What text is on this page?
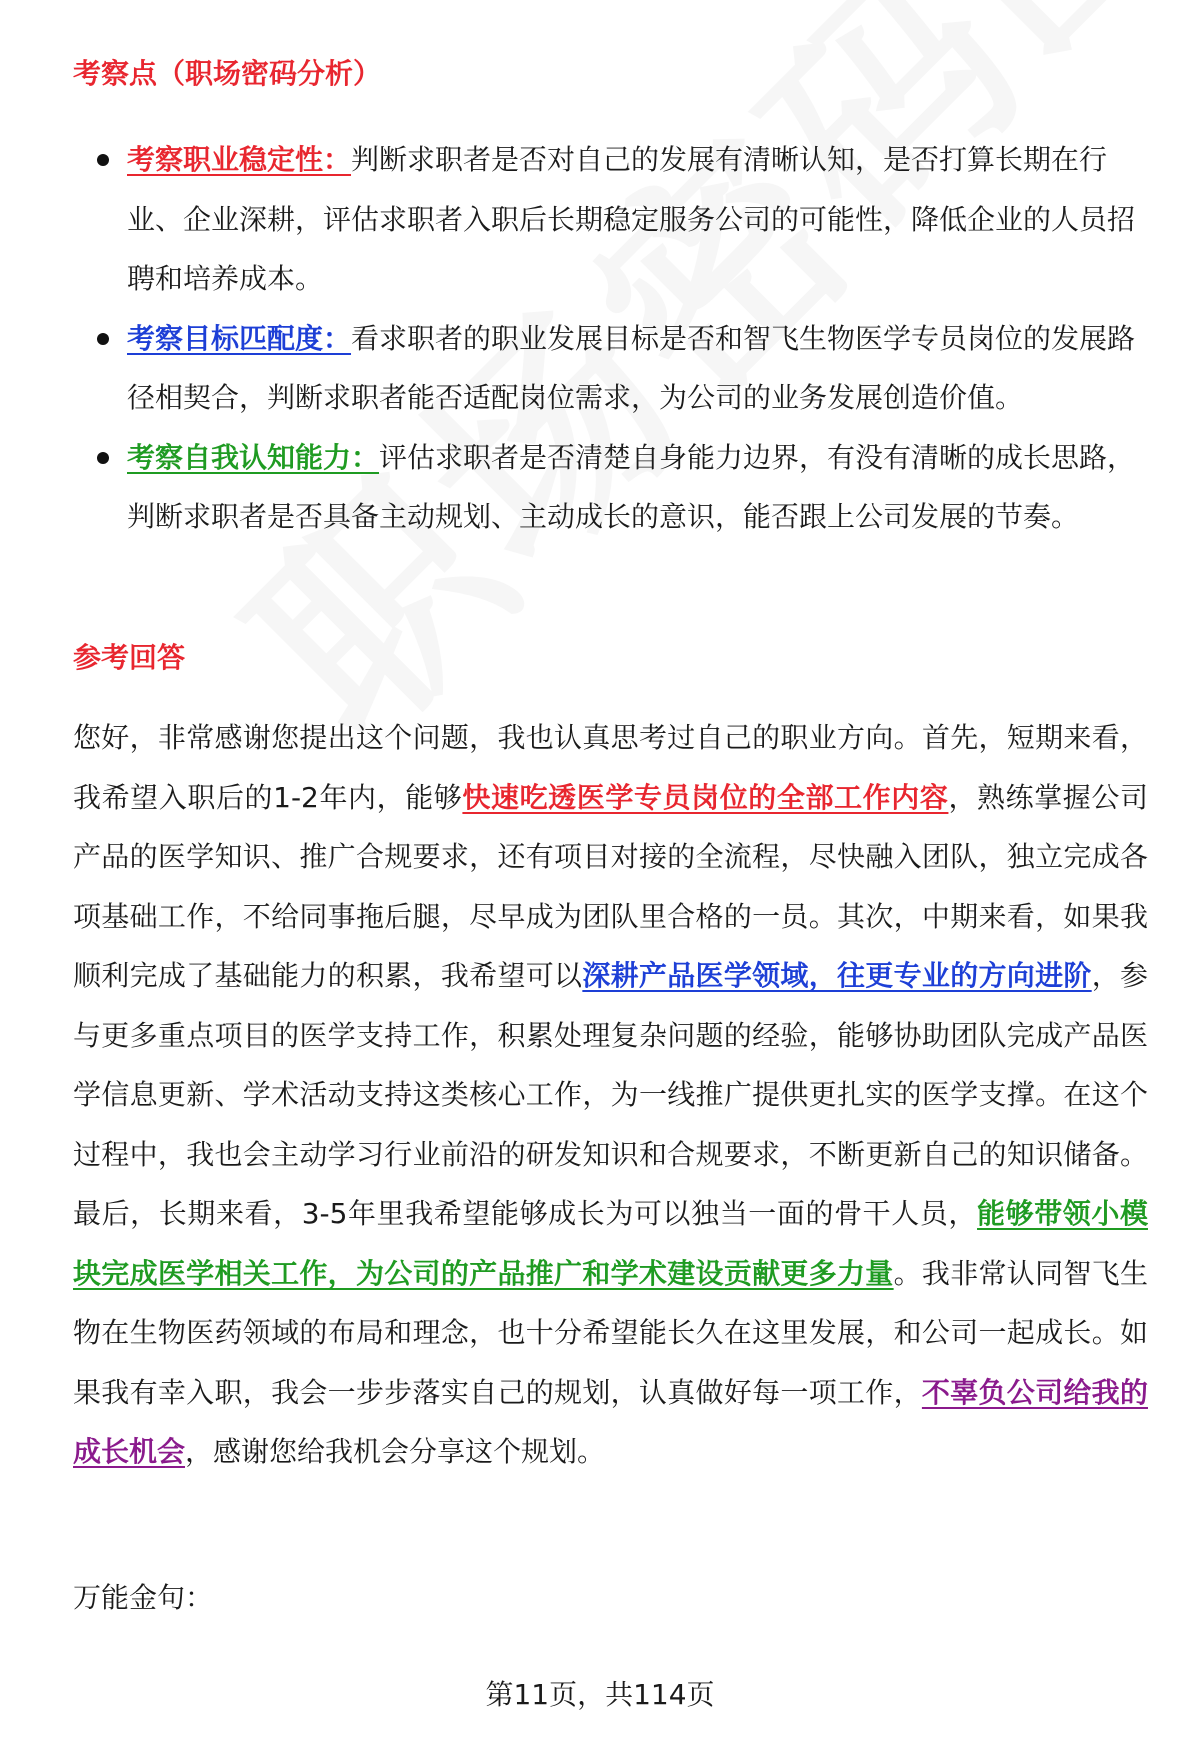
考察点（职场密码分析）
考察职业稳定性：判断求职者是否对自己的发展有清晰认知，是否打算长期在行业、企业深耕，评估求职者入职后长期稳定服务公司的可能性，降低企业的人员招聘和培养成本。
考察目标匹配度：看求职者的职业发展目标是否和智飞生物医学专员岗位的发展路径相契合，判断求职者能否适配岗位需求，为公司的业务发展创造价值。
考察自我认知能力：评估求职者是否清楚自身能力边界，有没有清晰的成长思路，判断求职者是否具备主动规划、主动成长的意识，能否跟上公司发展的节奏。
参考回答

您好，非常感谢您提出这个问题，我也认真思考过自己的职业方向。首先，短期来看，我希望入职后的1-2年内，能够快速吃透医学专员岗位的全部工作内容，熟练掌握公司产品的医学知识、推广合规要求，还有项目对接的全流程，尽快融入团队，独立完成各项基础工作，不给同事拖后腿，尽早成为团队里合格的一员。其次，中期来看，如果我顺利完成了基础能力的积累，我希望可以深耕产品医学领域，往更专业的方向进阶，参与更多重点项目的医学支持工作，积累处理复杂问题的经验，能够协助团队完成产品医学信息更新、学术活动支持这类核心工作，为一线推广提供更扎实的医学支撑。在这个过程中，我也会主动学习行业前沿的研发知识和合规要求，不断更新自己的知识储备。最后，长期来看，3-5年里我希望能够成长为可以独当一面的骨干人员，能够带领小模块完成医学相关工作，为公司的产品推广和学术建设贡献更多力量。我非常认同智飞生物在生物医药领域的布局和理念，也十分希望能长久在这里发展，和公司一起成长。如果我有幸入职，我会一步步落实自己的规划，认真做好每一项工作，不辜负公司给我的成长机会，感谢您给我机会分享这个规划。

万能金句：

第11页，共114页
